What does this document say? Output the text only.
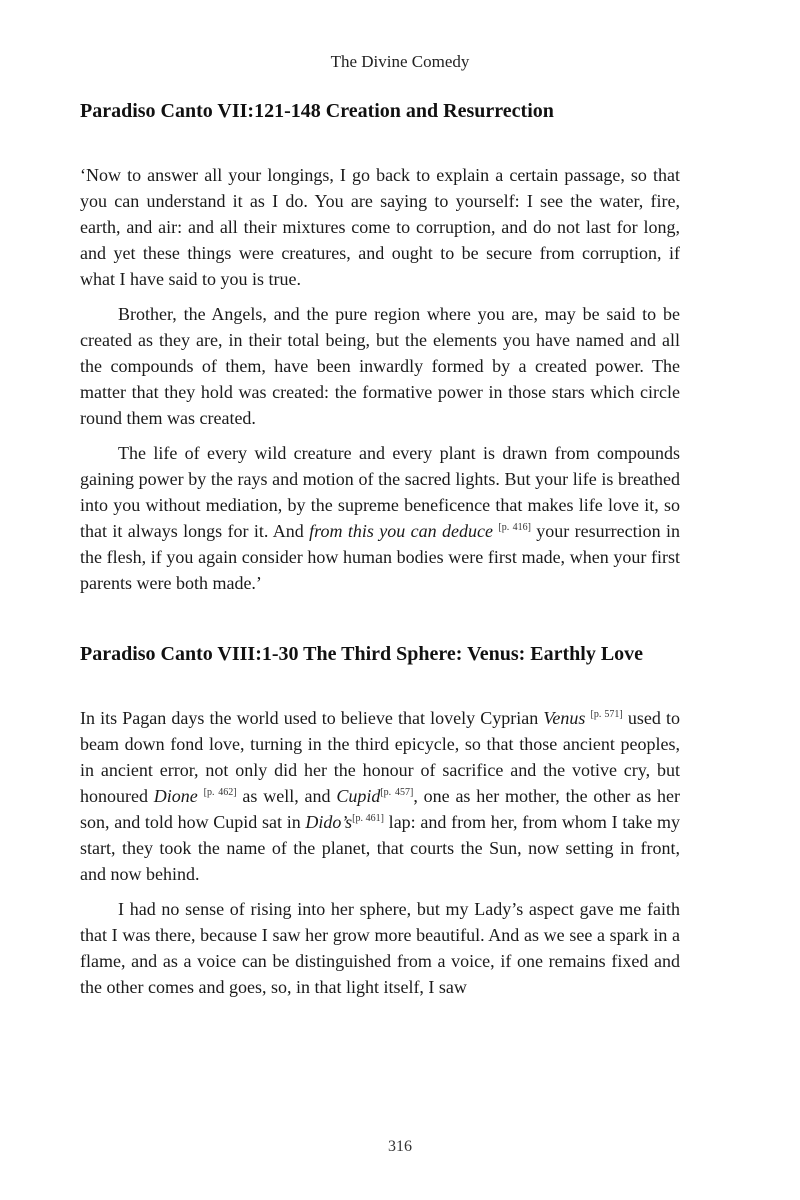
The Divine Comedy
Paradiso Canto VII:121-148 Creation and Resurrection

‘Now to answer all your longings, I go back to explain a certain passage, so that you can understand it as I do. You are saying to yourself: I see the water, fire, earth, and air: and all their mixtures come to corruption, and do not last for long, and yet these things were creatures, and ought to be secure from corruption, if what I have said to you is true.

Brother, the Angels, and the pure region where you are, may be said to be created as they are, in their total being, but the elements you have named and all the compounds of them, have been inwardly formed by a created power. The matter that they hold was created: the formative power in those stars which circle round them was created.

The life of every wild creature and every plant is drawn from compounds gaining power by the rays and motion of the sacred lights. But your life is breathed into you without mediation, by the supreme beneficence that makes life love it, so that it always longs for it. And from this you can deduce [p. 416] your resurrection in the flesh, if you again consider how human bodies were first made, when your first parents were both made.’

Paradiso Canto VIII:1-30 The Third Sphere: Venus: Earthly Love

In its Pagan days the world used to believe that lovely Cyprian Venus [p. 571] used to beam down fond love, turning in the third epicycle, so that those ancient peoples, in ancient error, not only did her the honour of sacrifice and the votive cry, but honoured Dione [p. 462] as well, and Cupid[p. 457], one as her mother, the other as her son, and told how Cupid sat in Dido’s[p. 461] lap: and from her, from whom I take my start, they took the name of the planet, that courts the Sun, now setting in front, and now behind.

I had no sense of rising into her sphere, but my Lady’s aspect gave me faith that I was there, because I saw her grow more beautiful. And as we see a spark in a flame, and as a voice can be distinguished from a voice, if one remains fixed and the other comes and goes, so, in that light itself, I saw

316
